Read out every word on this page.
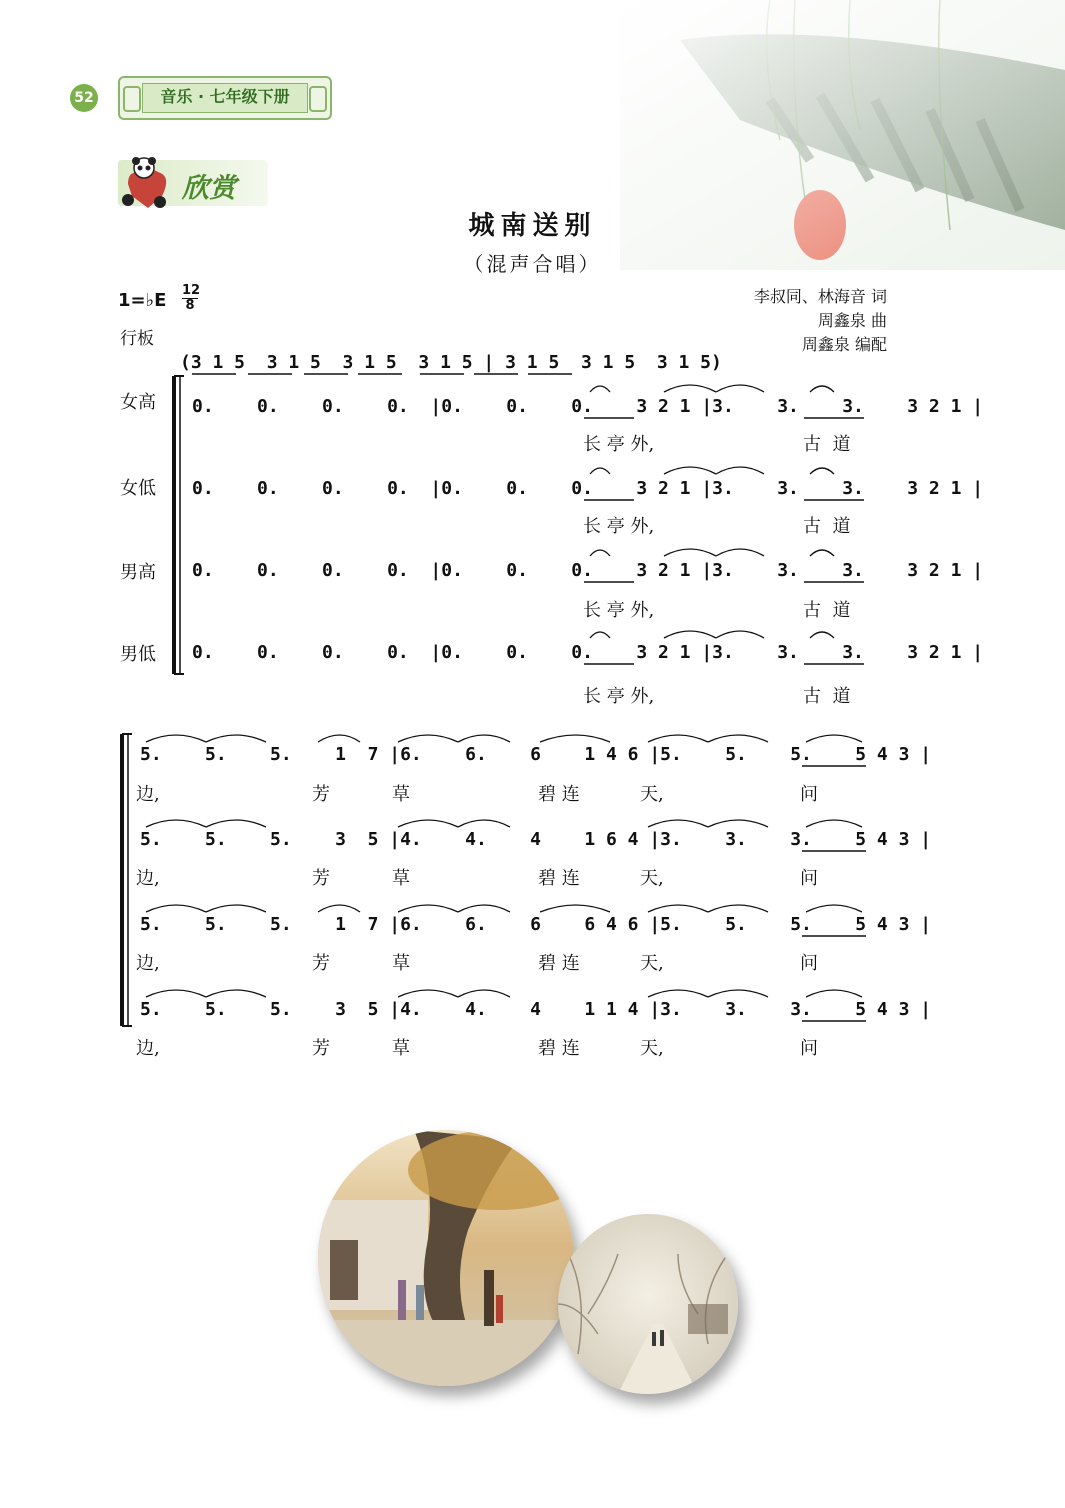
52	音乐 · 七年级下册
欣赏
城南送别
（混声合唱）
1=♭E 12
8
行板
李叔同、林海音 词
周鑫泉 曲
周鑫泉 编配
(3 1 5  3 1 5  3 1 5  3 1 5 | 3 1 5  3 1 5  3 1 5)
女高
女低
男高
男低
0.    0.    0.    0.  |0.    0.    0.    3 2 1 |3.    3.    3.    3 2 1 |
0.    0.    0.    0.  |0.    0.    0.    3 2 1 |3.    3.    3.    3 2 1 |
0.    0.    0.    0.  |0.    0.    0.    3 2 1 |3.    3.    3.    3 2 1 |
0.    0.    0.    0.  |0.    0.    0.    3 2 1 |3.    3.    3.    3 2 1 |
长 亭 外,	古  道
长 亭 外,	古  道
长 亭 外,	古  道
长 亭 外,	古  道
5.    5.    5.    1  7 |6.    6.    6    1 4 6 |5.    5.    5.    5 4 3 |
5.    5.    5.    3  5 |4.    4.    4    1 6 4 |3.    3.    3.    5 4 3 |
5.    5.    5.    1  7 |6.    6.    6    6 4 6 |5.    5.    5.    5 4 3 |
5.    5.    5.    3  5 |4.    4.    4    1 1 4 |3.    3.    3.    5 4 3 |
边,	芳	草	碧 连	天,	问
边,	芳	草	碧 连	天,	问
边,	芳	草	碧 连	天,	问
边,	芳	草	碧 连	天,	问
